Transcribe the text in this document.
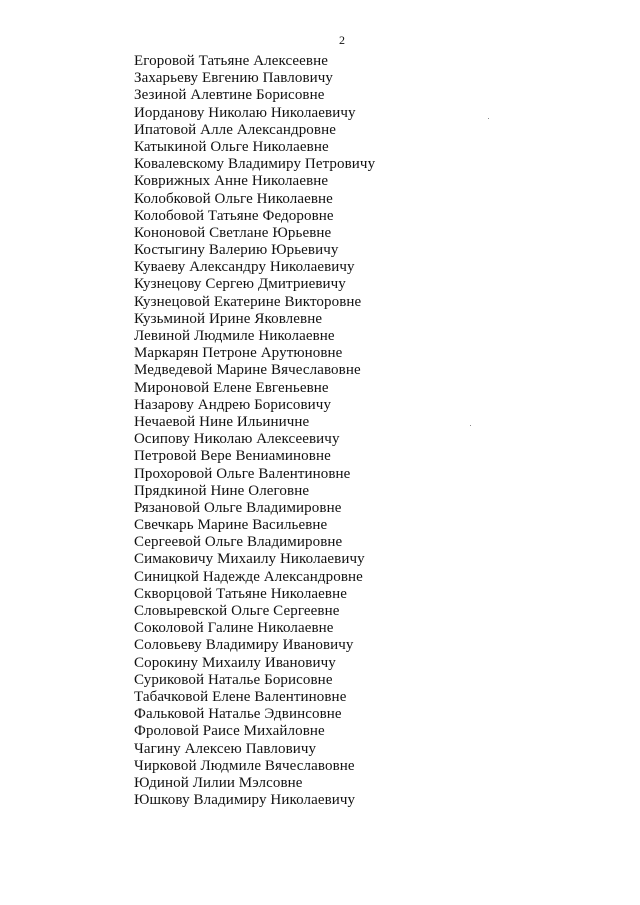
2
Егоровой Татьяне Алексеевне
Захарьеву Евгению Павловичу
Зезиной Алевтине Борисовне
Иорданову Николаю Николаевичу
Ипатовой Алле Александровне
Катыкиной Ольге Николаевне
Ковалевскому Владимиру Петровичу
Коврижных Анне Николаевне
Колобковой Ольге Николаевне
Колобовой Татьяне Федоровне
Кононовой Светлане Юрьевне
Костыгину Валерию Юрьевичу
Куваеву Александру Николаевичу
Кузнецову Сергею Дмитриевичу
Кузнецовой Екатерине Викторовне
Кузьминой Ирине Яковлевне
Левиной Людмиле Николаевне
Маркарян Петроне Арутюновне
Медведевой Марине Вячеславовне
Мироновой Елене Евгеньевне
Назарову Андрею Борисовичу
Нечаевой Нине Ильиничне
Осипову Николаю Алексеевичу
Петровой Вере Вениаминовне
Прохоровой Ольге Валентиновне
Прядкиной Нине Олеговне
Рязановой Ольге Владимировне
Свечкарь Марине Васильевне
Сергеевой Ольге Владимировне
Симаковичу Михаилу Николаевичу
Синицкой Надежде Александровне
Скворцовой Татьяне Николаевне
Словыревской Ольге Сергеевне
Соколовой Галине Николаевне
Соловьеву Владимиру Ивановичу
Сорокину Михаилу Ивановичу
Суриковой Наталье Борисовне
Табачковой Елене Валентиновне
Фальковой Наталье Эдвинсовне
Фроловой Раисе Михайловне
Чагину Алексею Павловичу
Чирковой Людмиле Вячеславовне
Юдиной Лилии Мэлсовне
Юшкову Владимиру Николаевичу
